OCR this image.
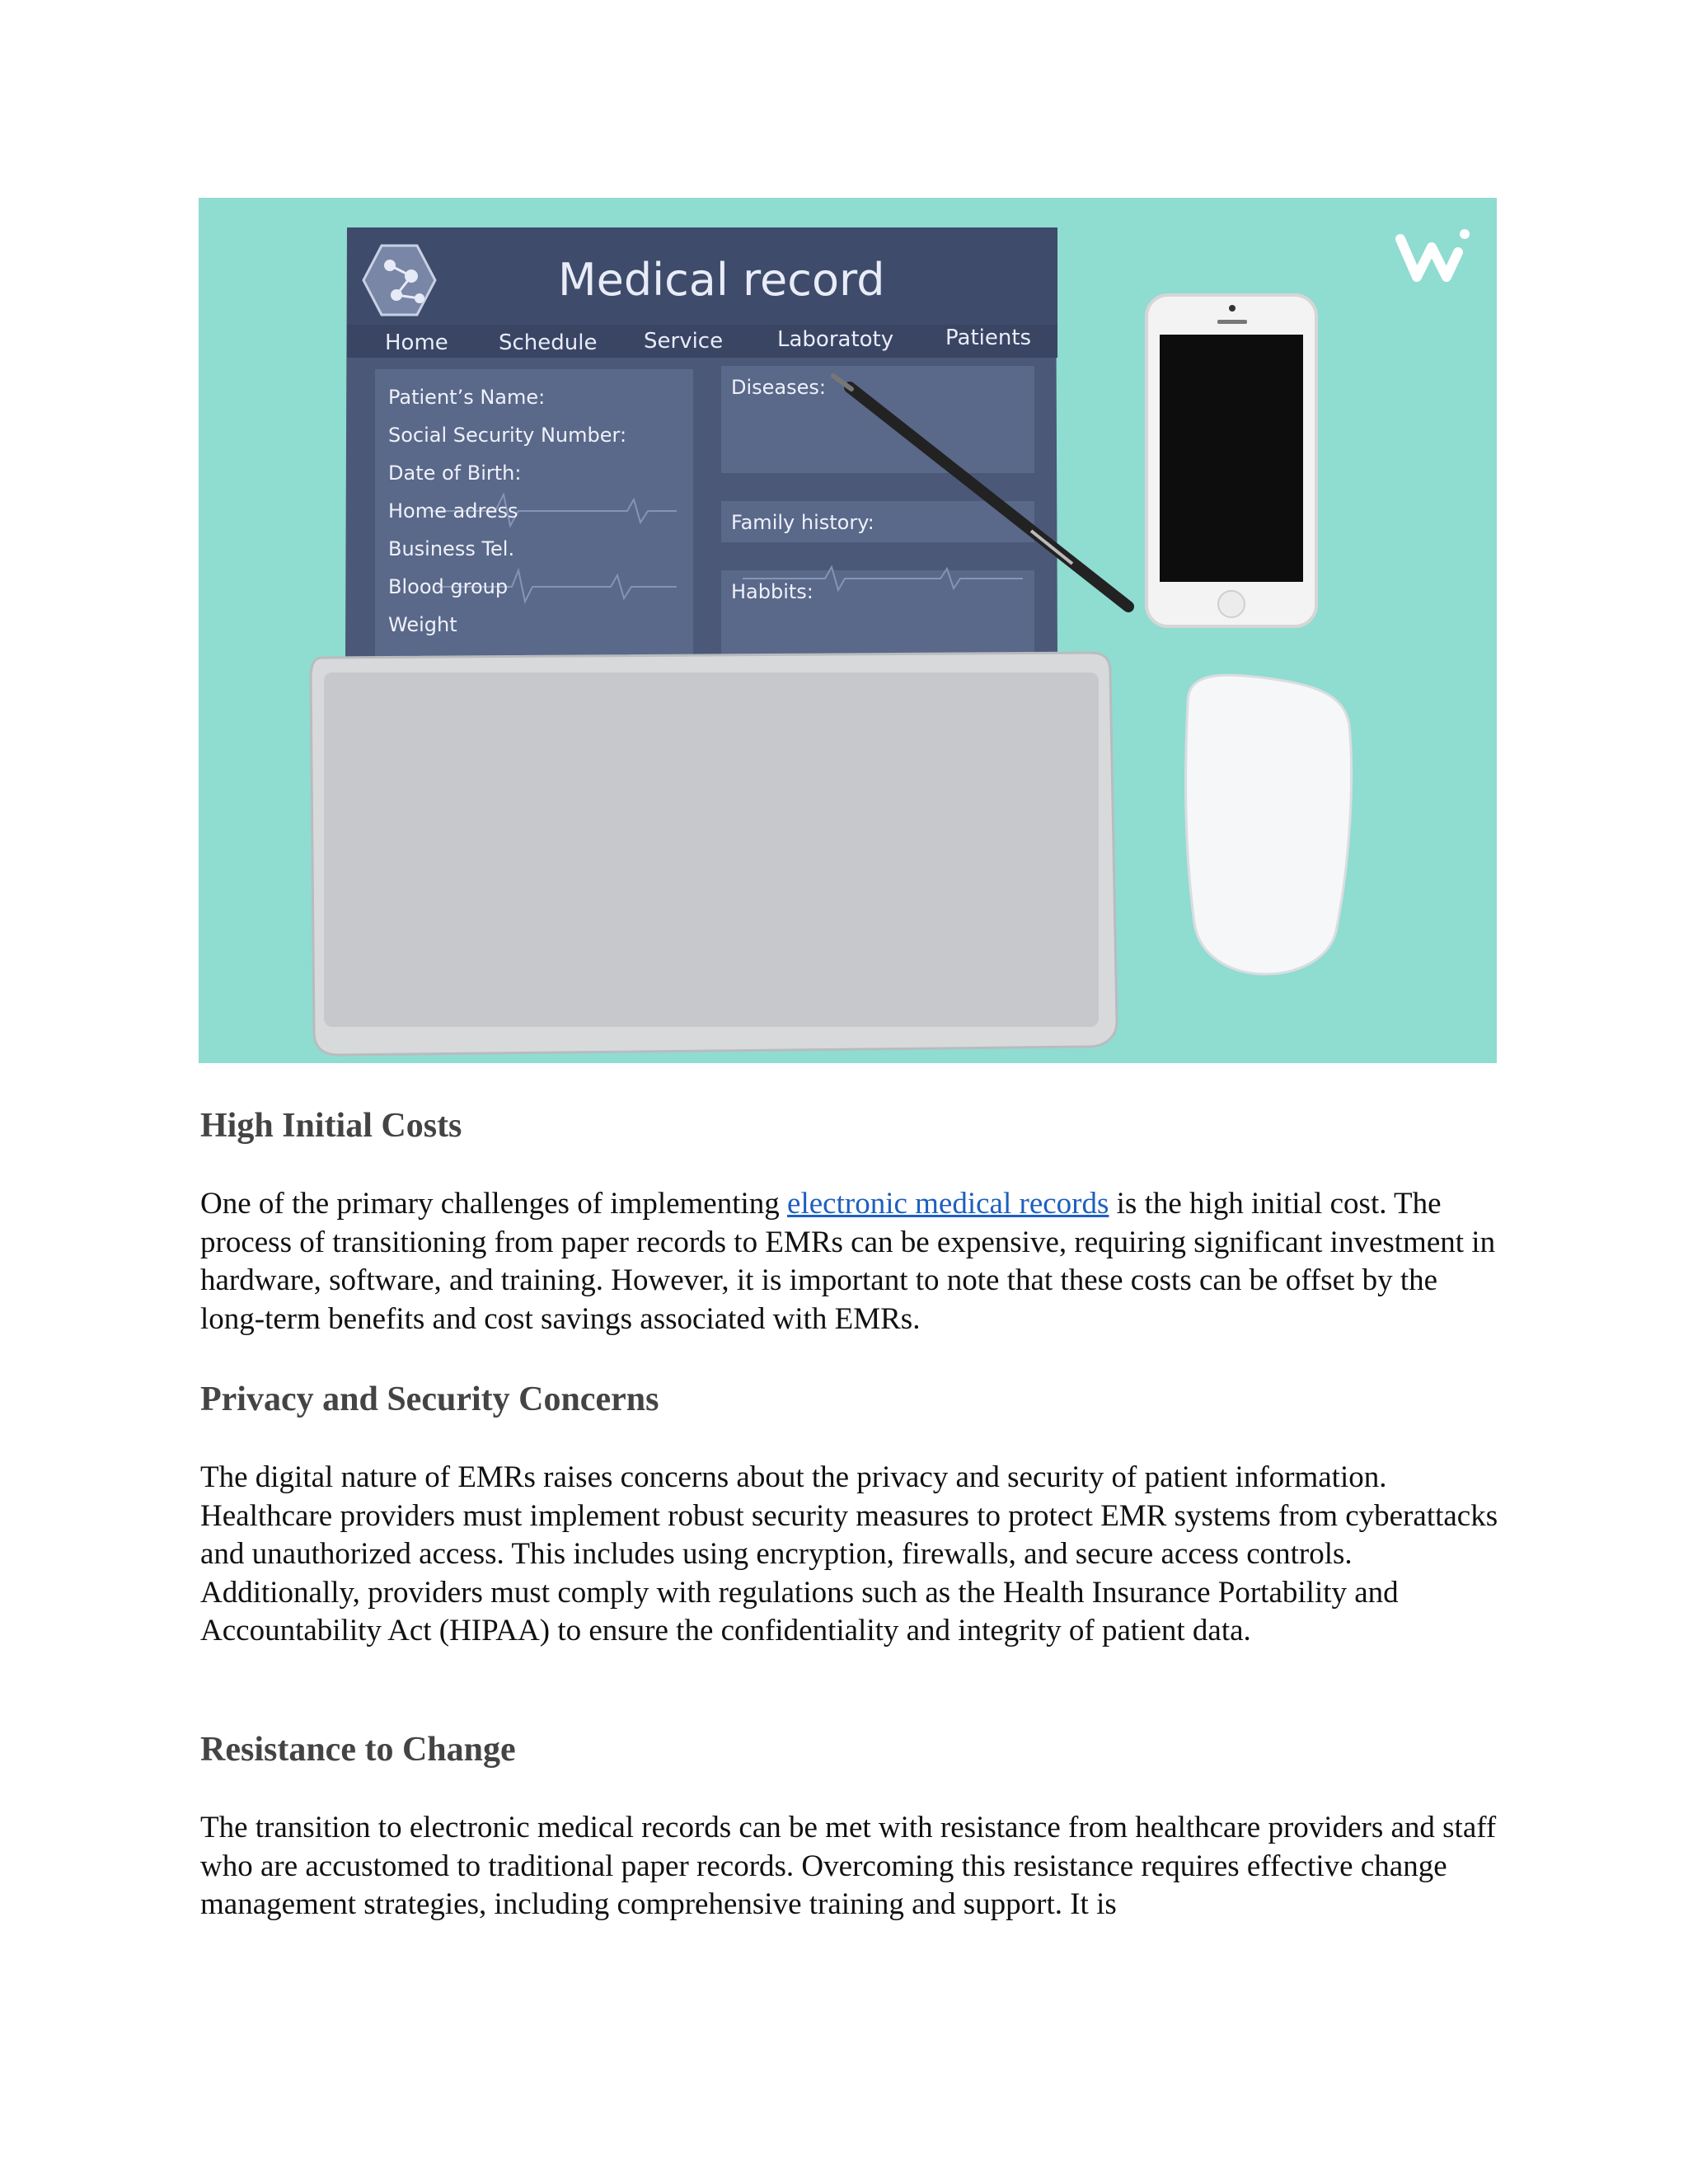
Medical record
Home Schedule Service	Laboratoty Patients
Patient’s Name:
Social Security Number:
Date of Birth:
Home adress
Business Tel.
Blood group
Weight
Diseases:
Family history:
Habbits:
High Initial Costs

One of the primary challenges of implementing electronic medical records is the high initial cost. The process of transitioning from paper records to EMRs can be expensive, requiring significant investment in hardware, software, and training. However, it is important to note that these costs can be offset by the long-term benefits and cost savings associated with EMRs.

Privacy and Security Concerns

The digital nature of EMRs raises concerns about the privacy and security of patient information. Healthcare providers must implement robust security measures to protect EMR systems from cyberattacks and unauthorized access. This includes using encryption, firewalls, and secure access controls. Additionally, providers must comply with regulations such as the Health Insurance Portability and Accountability Act (HIPAA) to ensure the confidentiality and integrity of patient data.

Resistance to Change

The transition to electronic medical records can be met with resistance from healthcare providers and staff who are accustomed to traditional paper records. Overcoming this resistance requires effective change management strategies, including comprehensive training and support. It is
